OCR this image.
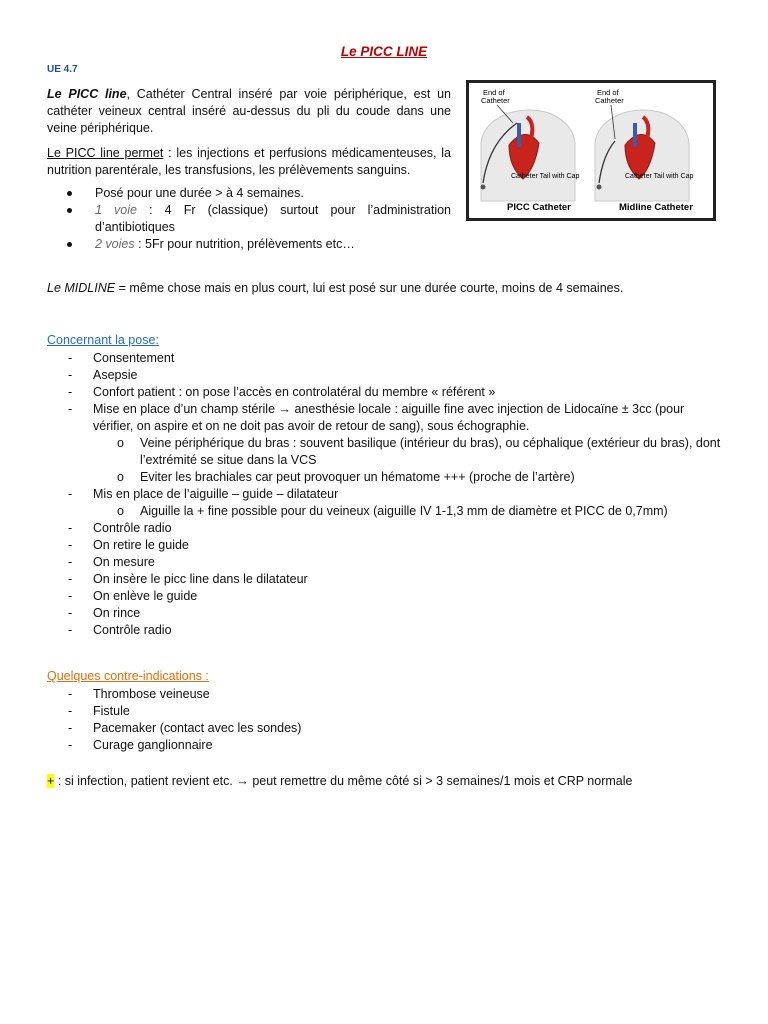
Le PICC LINE
UE 4.7

Le PICC line, Cathéter Central inséré par voie périphérique, est un cathéter veineux central inséré au-dessus du pli du coude dans une veine périphérique.

Le PICC line permet : les injections et perfusions médicamenteuses, la nutrition parentérale, les transfusions, les prélèvements sanguins.

Posé pour une durée > à 4 semaines.
1 voie : 4 Fr (classique) surtout pour l’administration d’antibiotiques
2 voies : 5Fr pour nutrition, prélèvements etc…
End of
Catheter
End of
Catheter
Catheter Tail with Cap	Catheter Tail with Cap
PICC Catheter	Midline Catheter
Le MIDLINE = même chose mais en plus court, lui est posé sur une durée courte, moins de 4 semaines.
Concernant la pose:
- Consentement
- Asepsie
- Confort patient : on pose l’accès en controlatéral du membre « référent »
- Mise en place d’un champ stérile → anesthésie locale : aiguille fine avec injection de Lidocaïne ± 3cc (pour vérifier, on aspire et on ne doit pas avoir de retour de sang), sous échographie.
o Veine périphérique du bras : souvent basilique (intérieur du bras), ou céphalique (extérieur du bras), dont l’extrémité se situe dans la VCS
o Eviter les brachiales car peut provoquer un hématome +++ (proche de l’artère)
- Mis en place de l’aiguille – guide – dilatateur
o Aiguille la + fine possible pour du veineux (aiguille IV 1-1,3 mm de diamètre et PICC de 0,7mm)
- Contrôle radio
- On retire le guide
- On mesure
- On insère le picc line dans le dilatateur
- On enlève le guide
- On rince
- Contrôle radio
Quelques contre-indications :
- Thrombose veineuse
- Fistule
- Pacemaker (contact avec les sondes)
- Curage ganglionnaire
+ : si infection, patient revient etc. → peut remettre du même côté si > 3 semaines/1 mois et CRP normale
